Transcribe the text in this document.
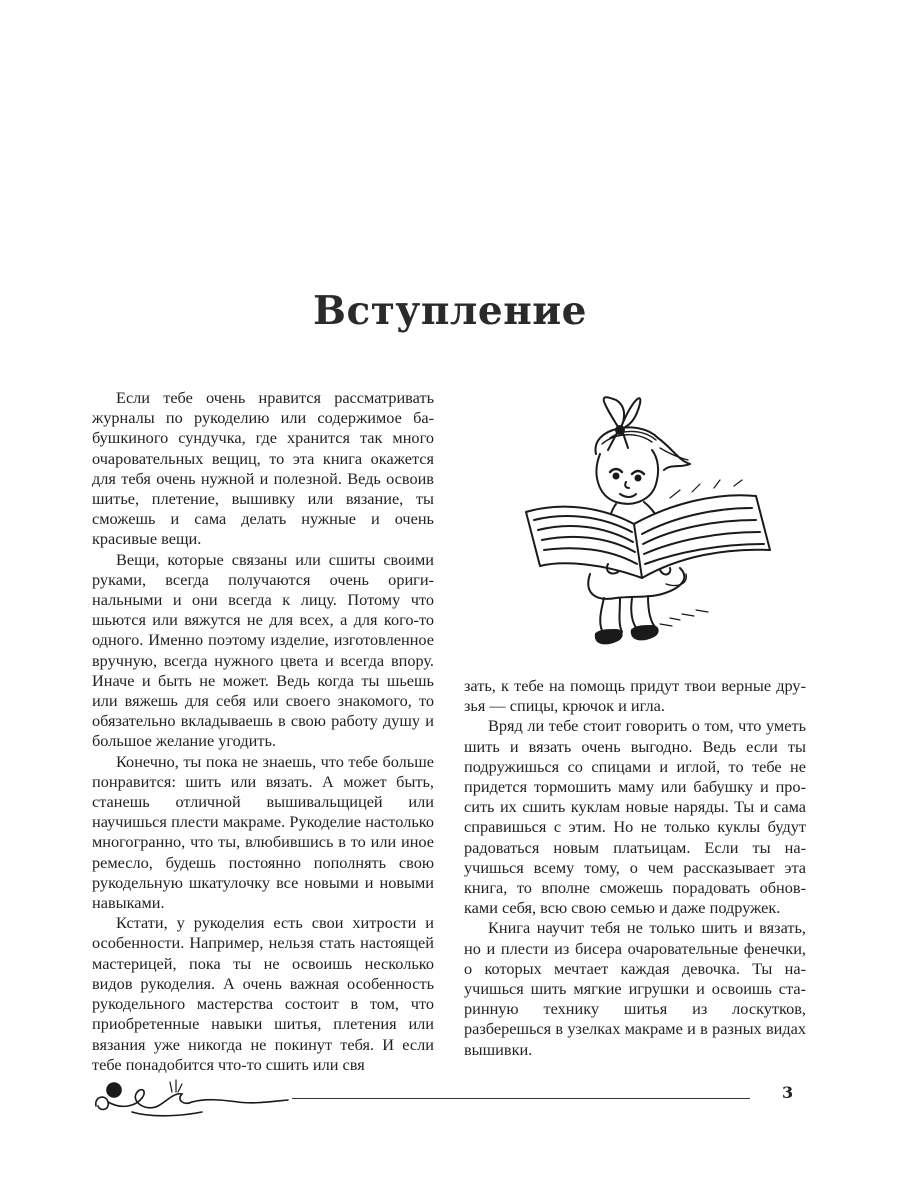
Вступление

Если тебе очень нравится рассматривать журналы по рукоделию или содержимое бабушкиного сундучка, где хранится так много очаровательных вещиц, то эта книга окажется для тебя очень нужной и полезной. Ведь освоив шитье, плетение, вышивку или вязание, ты сможешь и сама делать нужные и очень красивые вещи.

Вещи, которые связаны или сшиты своими руками, всегда получаются очень оригинальными и они всегда к лицу. Потому что шьются или вяжутся не для всех, а для кого-то одного. Именно поэтому изделие, изготовленное вручную, всегда нужного цвета и всегда впору. Иначе и быть не может. Ведь когда ты шьешь или вяжешь для себя или своего знакомого, то обязательно вкладываешь в свою работу душу и большое желание угодить.

Конечно, ты пока не знаешь, что тебе больше понравится: шить или вязать. А может быть, станешь отличной вышивальщицей или научишься плести макраме. Рукоделие настолько многогранно, что ты, влюбившись в то или иное ремесло, будешь постоянно пополнять свою рукодельную шкатулочку все новыми и новыми навыками.

Кстати, у рукоделия есть свои хитрости и особенности. Например, нельзя стать настоящей мастерицей, пока ты не освоишь несколько видов рукоделия. А очень важная особенность рукодельного мастерства состоит в том, что приобретенные навыки шитья, плетения или вязания уже никогда не покинут тебя. И если тебе понадобится что-то сшить или свя

зать, к тебе на помощь придут твои верные друзья — спицы, крючок и игла.

Вряд ли тебе стоит говорить о том, что уметь шить и вязать очень выгодно. Ведь если ты подружишься со спицами и иглой, то тебе не придется тормошить маму или бабушку и просить их сшить куклам новые наряды. Ты и сама справишься с этим. Но не только куклы будут радоваться новым платьицам. Если ты научишься всему тому, о чем рассказывает эта книга, то вполне сможешь порадовать обновками себя, всю свою семью и даже подружек.

Книга научит тебя не только шить и вязать, но и плести из бисера очаровательные фенечки, о которых мечтает каждая девочка. Ты научишься шить мягкие игрушки и освоишь старинную технику шитья из лоскутков, разберешься в узелках макраме и в разных видах вышивки.

3
